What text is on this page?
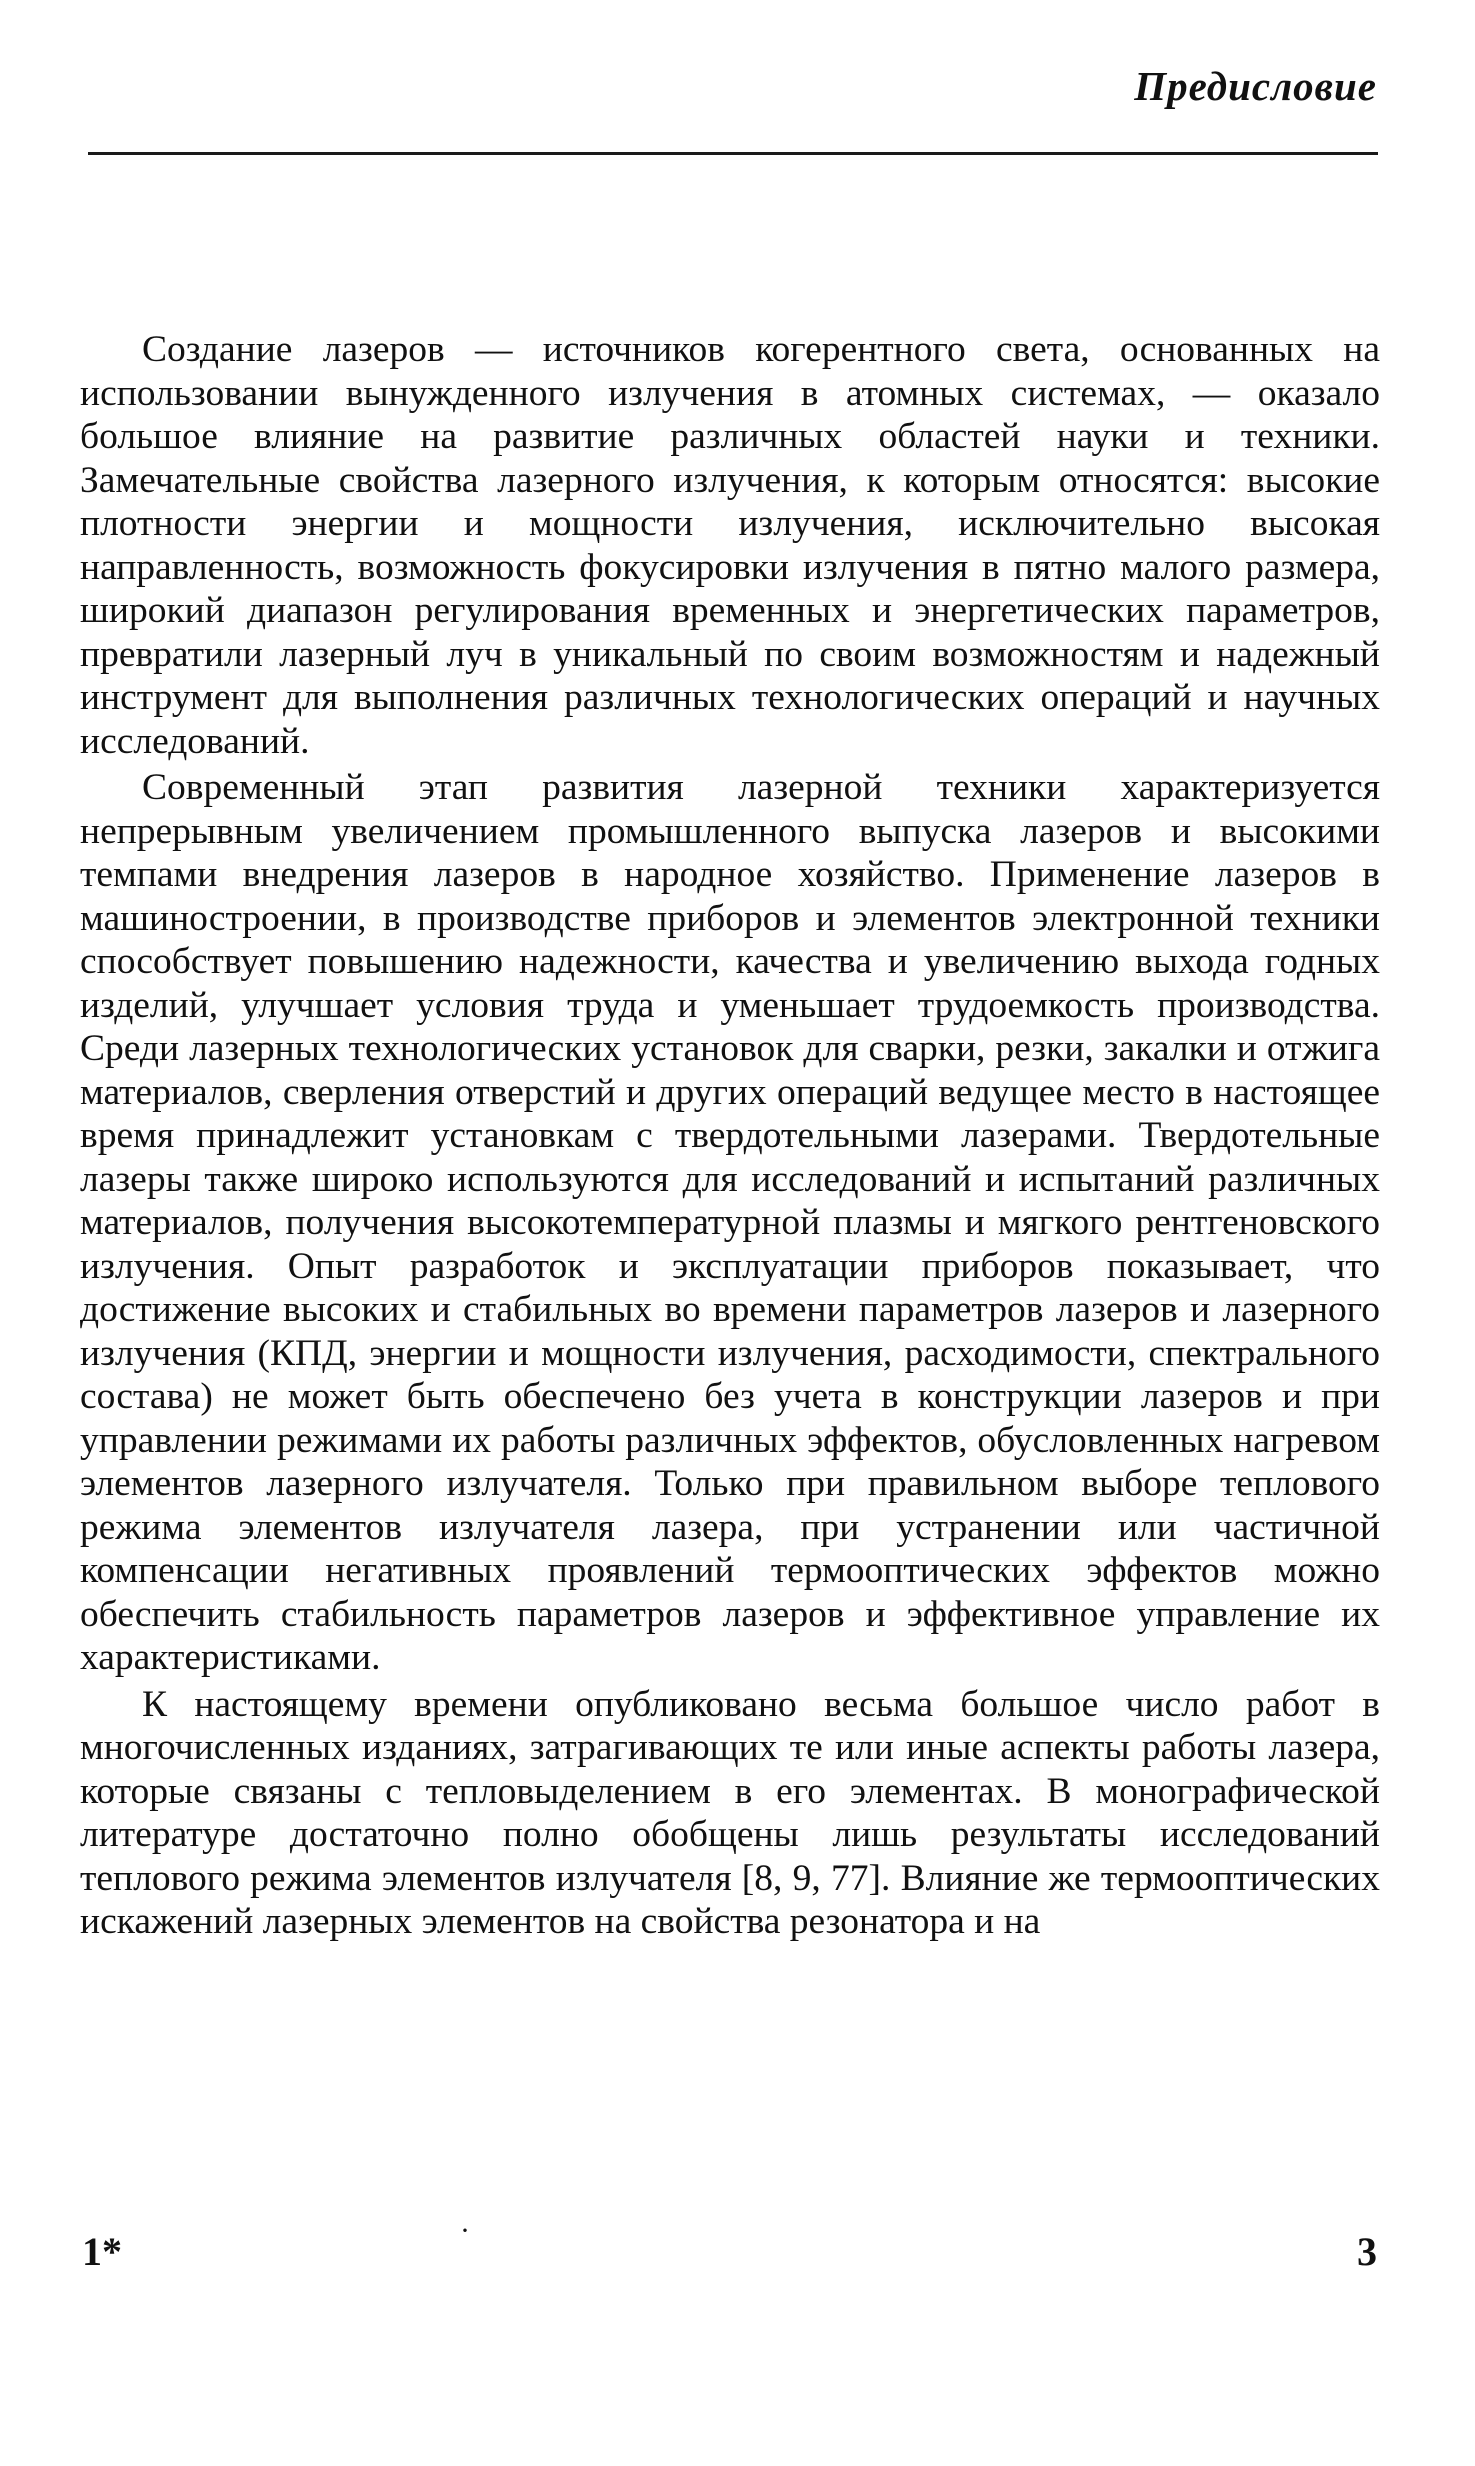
Предисловие

Создание лазеров — источников когерентного света, основанных на использовании вынужденного излучения в атомных системах, — оказало большое влияние на развитие различных областей науки и техники. Замечательные свойства лазерного излучения, к которым относятся: высокие плотности энергии и мощности излучения, исключительно высокая направленность, возможность фокусировки излучения в пятно малого размера, широкий диапазон регулирования временных и энергетических параметров, превратили лазерный луч в уникальный по своим возможностям и надежный инструмент для выполнения различных технологических операций и научных исследований.

Современный этап развития лазерной техники характеризуется непрерывным увеличением промышленного выпуска лазеров и высокими темпами внедрения лазеров в народное хозяйство. Применение лазеров в машиностроении, в производстве приборов и элементов электронной техники способствует повышению надежности, качества и увеличению выхода годных изделий, улучшает условия труда и уменьшает трудоемкость производства. Среди лазерных технологических установок для сварки, резки, закалки и отжига материалов, сверления отверстий и других операций ведущее место в настоящее время принадлежит установкам с твердотельными лазерами. Твердотельные лазеры также широко используются для исследований и испытаний различных материалов, получения высокотемпературной плазмы и мягкого рентгеновского излучения. Опыт разработок и эксплуатации приборов показывает, что достижение высоких и стабильных во времени параметров лазеров и лазерного излучения (КПД, энергии и мощности излучения, расходимости, спектрального состава) не может быть обеспечено без учета в конструкции лазеров и при управлении режимами их работы различных эффектов, обусловленных нагревом элементов лазерного излучателя. Только при правильном выборе теплового режима элементов излучателя лазера, при устранении или частичной компенсации негативных проявлений термооптических эффектов можно обеспечить стабильность параметров лазеров и эффективное управление их характеристиками.

К настоящему времени опубликовано весьма большое число работ в многочисленных изданиях, затрагивающих те или иные аспекты работы лазера, которые связаны с тепловыделением в его элементах. В монографической литературе достаточно полно обобщены лишь результаты исследований теплового режима элементов излучателя [8, 9, 77]. Влияние же термооптических искажений лазерных элементов на свойства резонатора и на

1*	·	3
